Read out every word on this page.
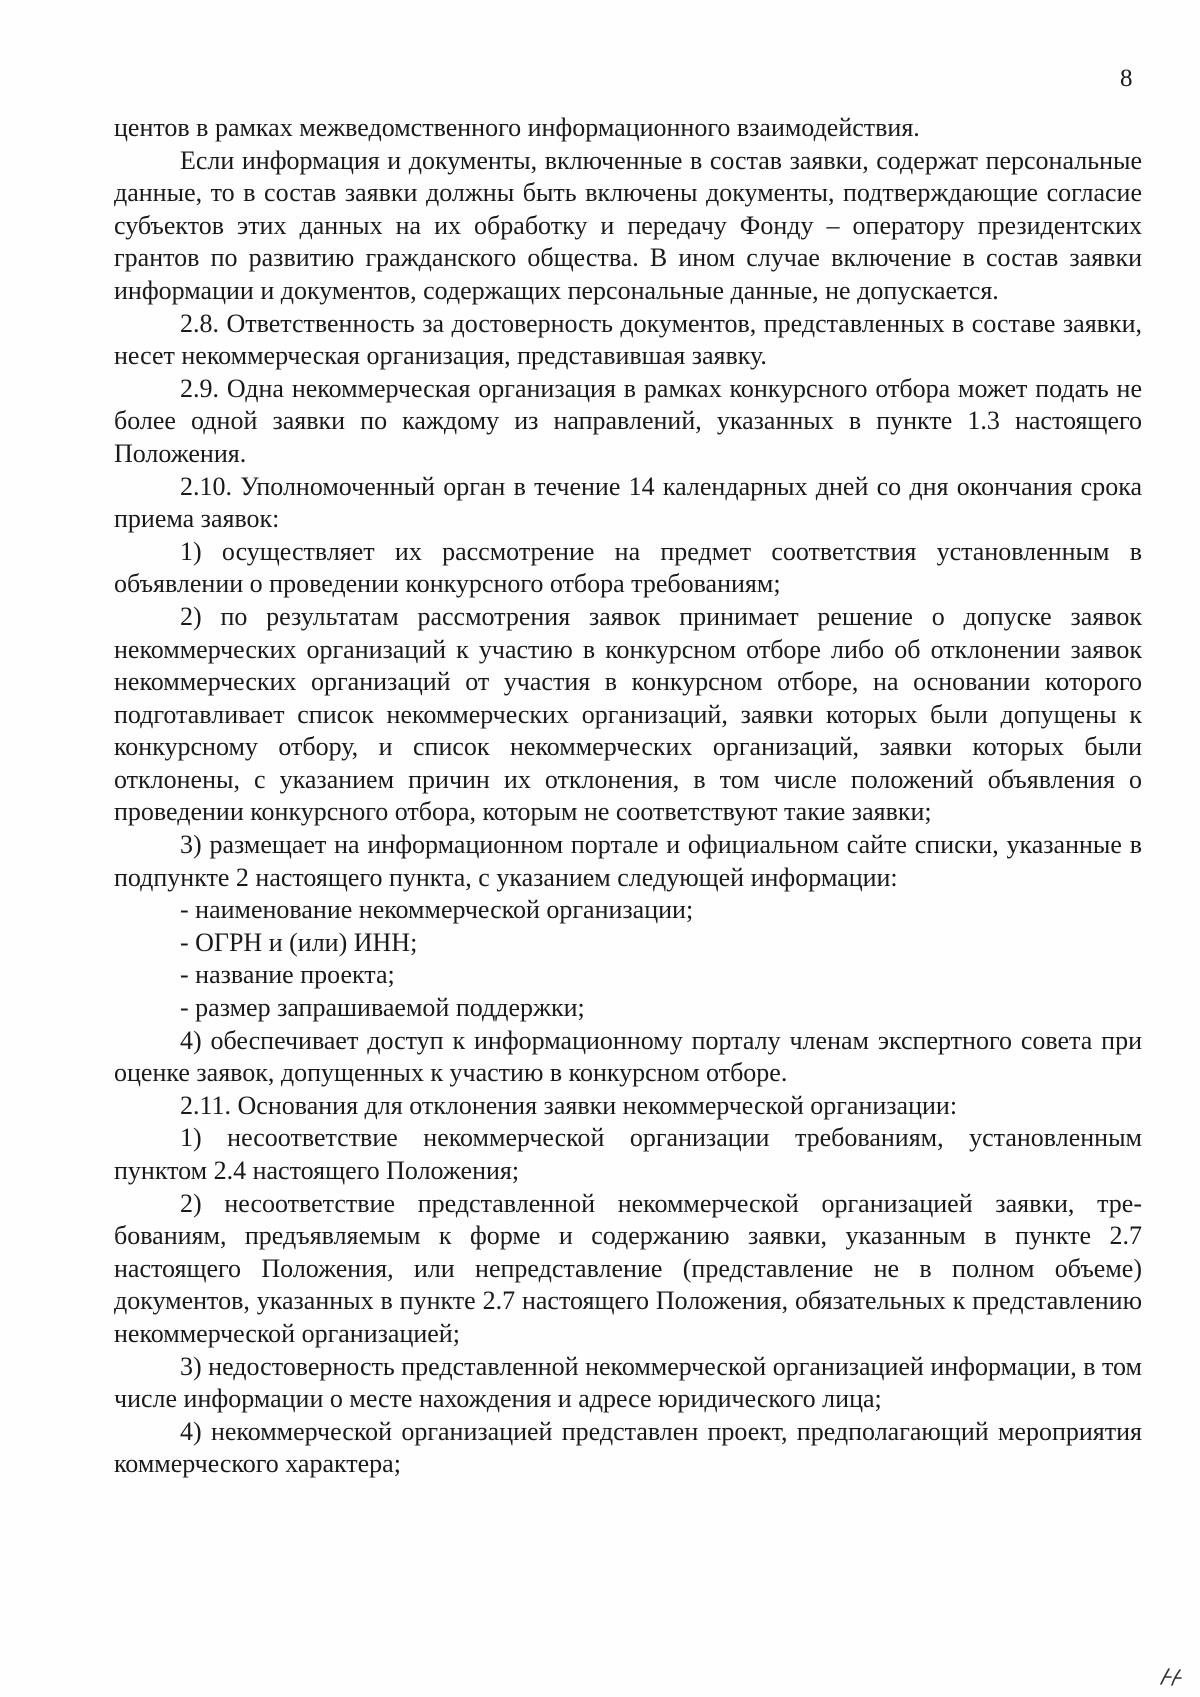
8

центов в рамках межведомственного информационного взаимодействия.

Если информация и документы, включенные в состав заявки, содержат персональные данные, то в состав заявки должны быть включены документы, подтверждающие согласие субъектов этих данных на их обработку и передачу Фонду – оператору президентских грантов по развитию гражданского общества. В ином случае включение в состав заявки информации и документов, содержащих персональные данные, не допускается.

2.8. Ответственность за достоверность документов, представленных в составе заявки, несет некоммерческая организация, представившая заявку.

2.9. Одна некоммерческая организация в рамках конкурсного отбора может подать не более одной заявки по каждому из направлений, указанных в пункте 1.3 настоящего Положения.

2.10. Уполномоченный орган в течение 14 календарных дней со дня окончания срока приема заявок:

1) осуществляет их рассмотрение на предмет соответствия установленным в объявлении о проведении конкурсного отбора требованиям;

2) по результатам рассмотрения заявок принимает решение о допуске заявок некоммерческих организаций к участию в конкурсном отборе либо об отклонении заявок некоммерческих организаций от участия в конкурсном отборе, на основании которого подготавливает список некоммерческих организаций, заявки которых были допущены к конкурсному отбору, и список некоммерческих организаций, заявки которых были отклонены, с указанием причин их отклонения, в том числе положений объявления о проведении конкурсного отбора, которым не соответствуют такие заявки;

3) размещает на информационном портале и официальном сайте списки, указанные в подпункте 2 настоящего пункта, с указанием следующей информации:

- наименование некоммерческой организации;

- ОГРН и (или) ИНН;

- название проекта;

- размер запрашиваемой поддержки;

4) обеспечивает доступ к информационному порталу членам экспертного совета при оценке заявок, допущенных к участию в конкурсном отборе.

2.11. Основания для отклонения заявки некоммерческой организации:

1) несоответствие некоммерческой организации требованиям, установленным пунктом 2.4 настоящего Положения;

2) несоответствие представленной некоммерческой организацией заявки, требованиям, предъявляемым к форме и содержанию заявки, указанным в пункте 2.7 настоящего Положения, или непредставление (представление не в полном объеме) документов, указанных в пункте 2.7 настоящего Положения, обязательных к представлению некоммерческой организацией;

3) недостоверность представленной некоммерческой организацией информации, в том числе информации о месте нахождения и адресе юридического лица;

4) некоммерческой организацией представлен проект, предполагающий мероприятия коммерческого характера;
